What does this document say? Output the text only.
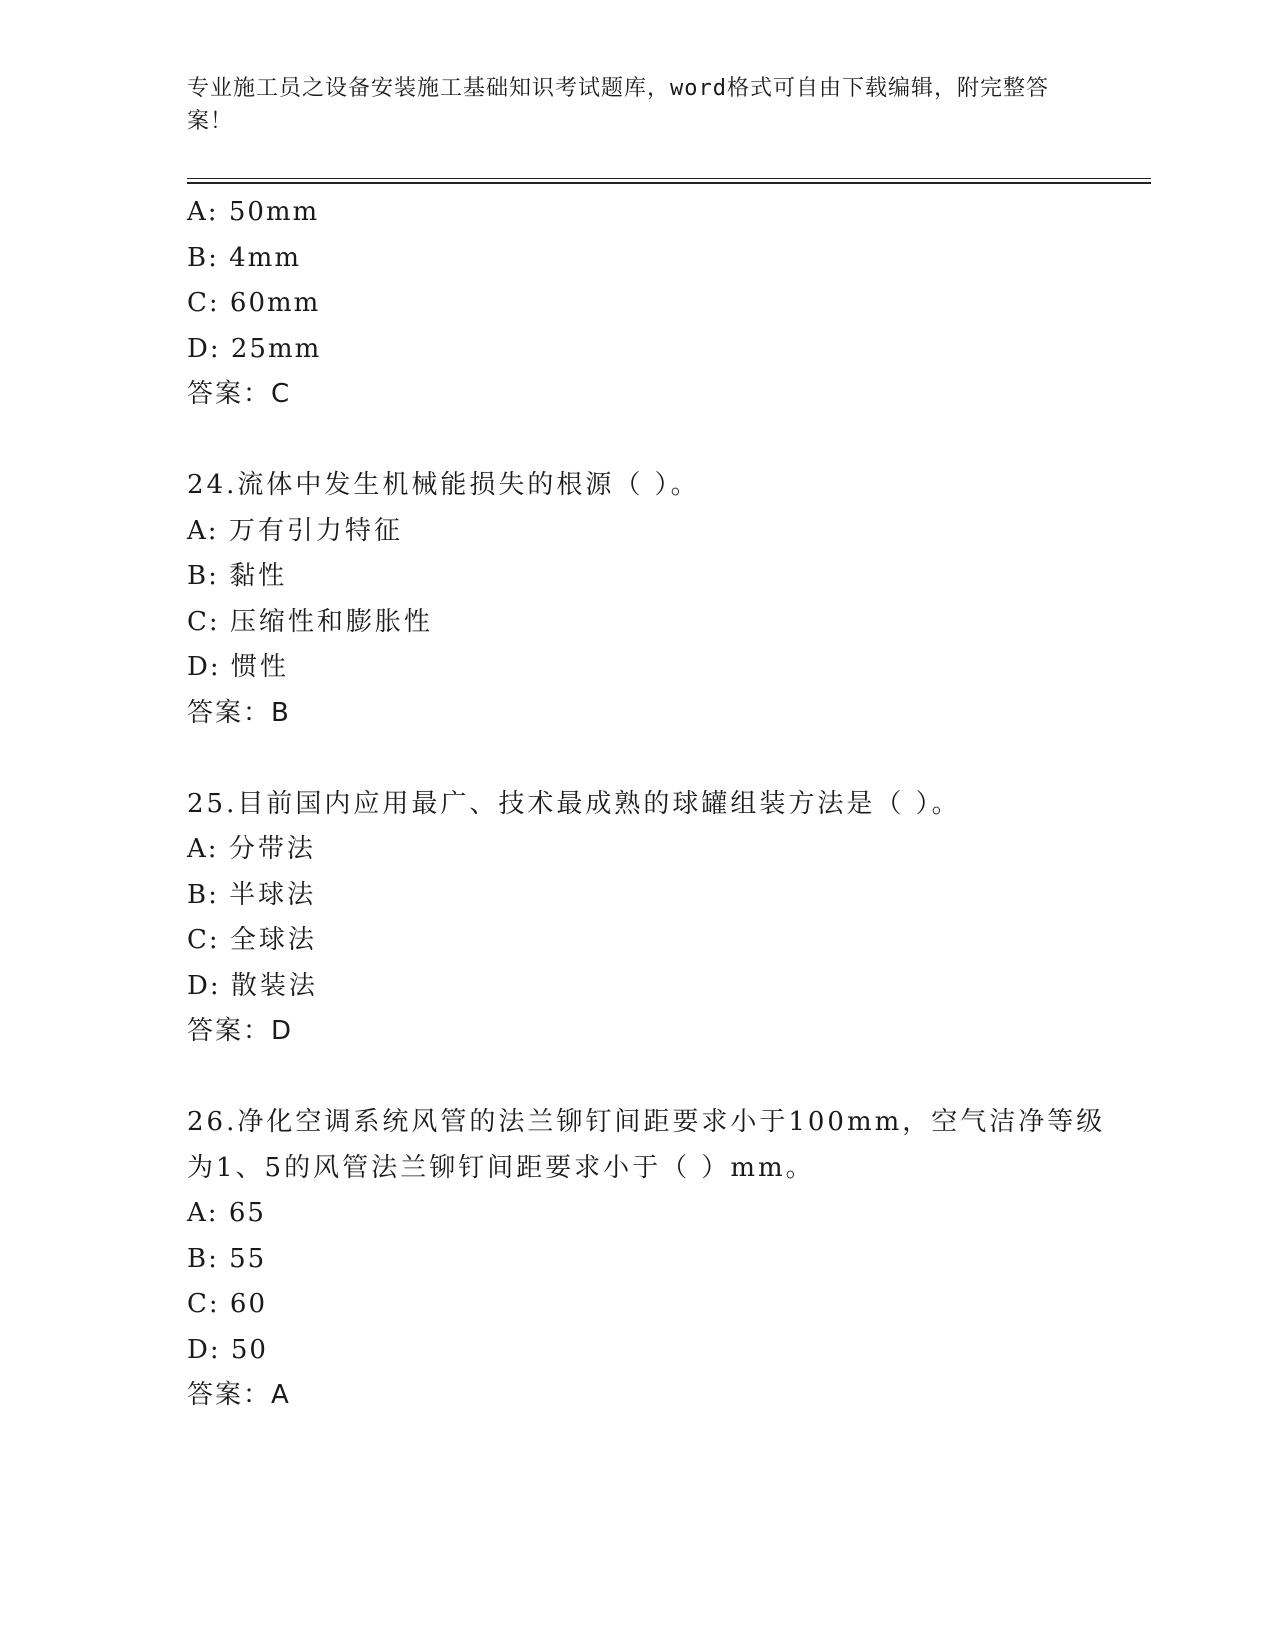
专业施工员之设备安装施工基础知识考试题库，word格式可自由下载编辑，附完整答案！
A: 50mm
B: 4mm
C: 60mm
D: 25mm
答案：C
24.流体中发生机械能损失的根源（ ）。
A: 万有引力特征
B: 黏性
C: 压缩性和膨胀性
D: 惯性
答案：B
25.目前国内应用最广、技术最成熟的球罐组装方法是（ ）。
A: 分带法
B: 半球法
C: 全球法
D: 散装法
答案：D
26.净化空调系统风管的法兰铆钉间距要求小于100mm，空气洁净等级
为1、5的风管法兰铆钉间距要求小于（ ）mm。
A: 65
B: 55
C: 60
D: 50
答案：A
